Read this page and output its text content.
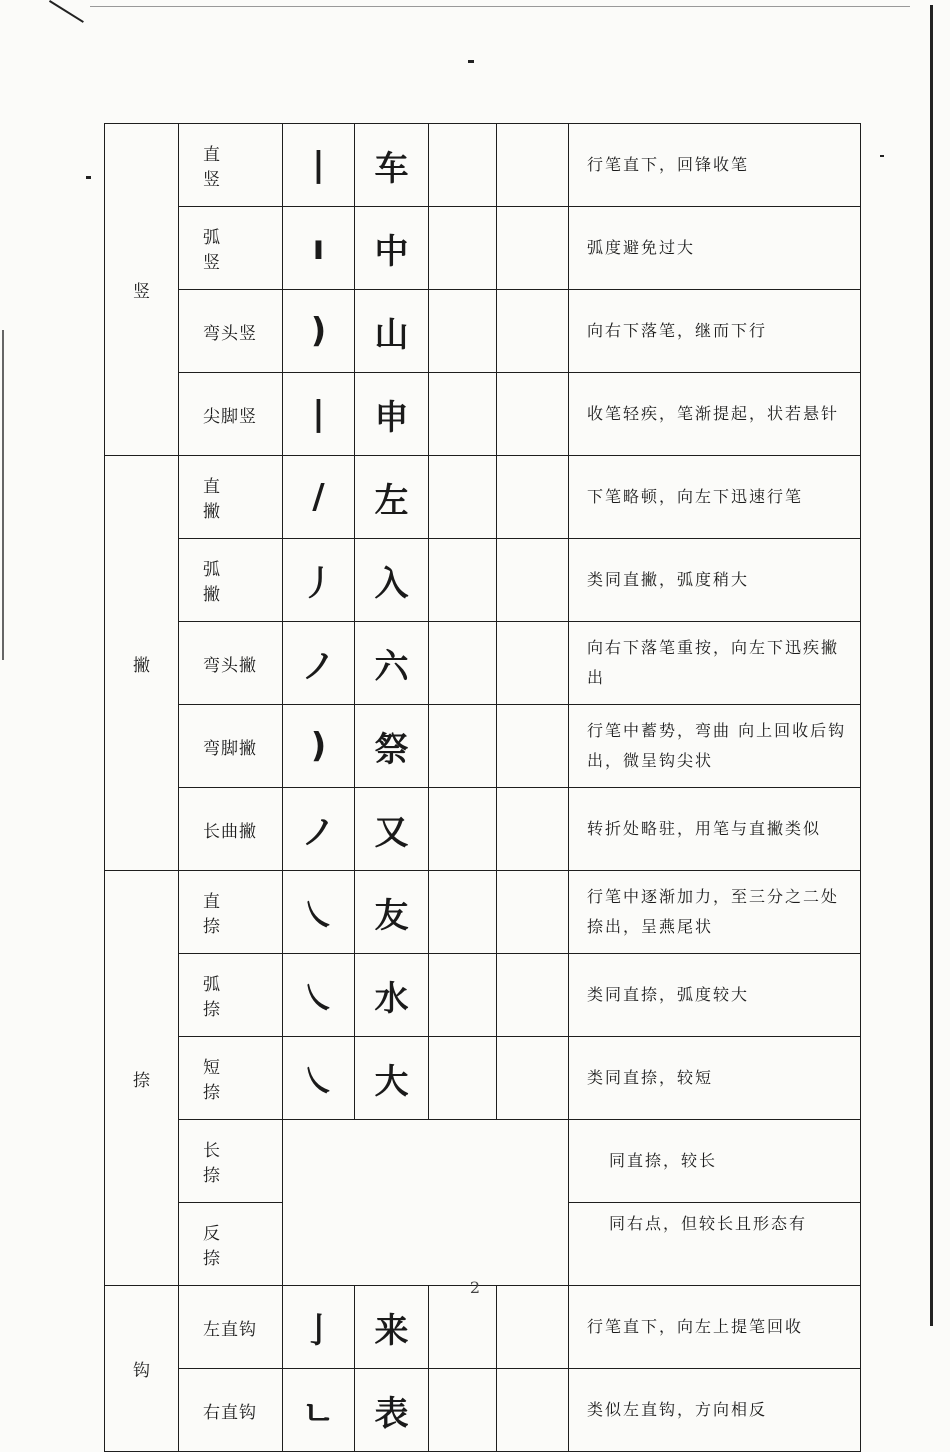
竖	直 竖	|	车			行笔直下，回锋收笔
	弧 竖	ı	中			弧度避免过大
	弯头竖	)	山			向右下落笔，继而下行
	尖脚竖	|	申			收笔轻疾，笔渐提起，状若悬针
撇	直 撇	/	左			下笔略顿，向左下迅速行笔
	弧 撇	丿	入			类同直撇，弧度稍大
	弯头撇	ノ	六			向右下落笔重按，向左下迅疾撇出
	弯脚撇	)	祭			行笔中蓄势，弯曲 向上回收后钩出，微呈钩尖状
	长曲撇	ノ	又			转折处略驻，用笔与直撇类似
捺	直 捺	㇏	友			行笔中逐渐加力，至三分之二处捺出，呈燕尾状
	弧 捺	㇏	水			类同直捺，弧度较大
	短 捺	㇏	大			类同直捺，较短
	长 捺					同直捺，较长
	反 捺					同右点，但较长且形态有
钩	左直钩	亅	来			行笔直下，向左上提笔回收
	右直钩	ㄴ	表			类似左直钩，方向相反
2
